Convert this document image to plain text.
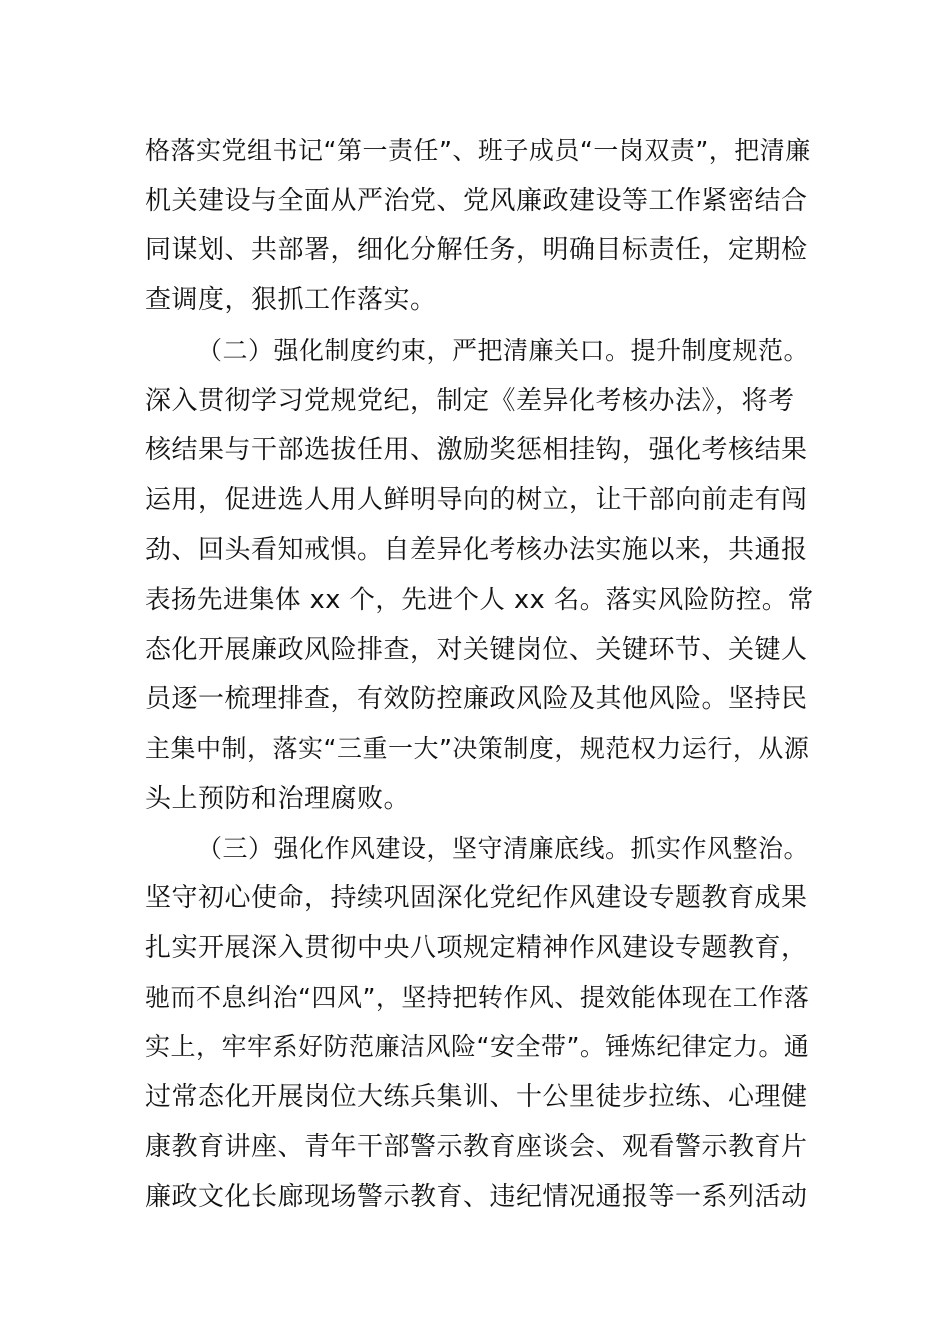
格落实党组书记“第一责任”、班子成员“一岗双责”，把清廉
机关建设与全面从严治党、党风廉政建设等工作紧密结合
同谋划、共部署，细化分解任务，明确目标责任，定期检
查调度，狠抓工作落实。
（二）强化制度约束，严把清廉关口。提升制度规范。
深入贯彻学习党规党纪，制定《差异化考核办法》，将考
核结果与干部选拔任用、激励奖惩相挂钩，强化考核结果
运用，促进选人用人鲜明导向的树立，让干部向前走有闯
劲、回头看知戒惧。自差异化考核办法实施以来，共通报
表扬先进集体 xx 个，先进个人 xx 名。落实风险防控。常
态化开展廉政风险排查，对关键岗位、关键环节、关键人
员逐一梳理排查，有效防控廉政风险及其他风险。坚持民
主集中制，落实“三重一大”决策制度，规范权力运行，从源
头上预防和治理腐败。
（三）强化作风建设，坚守清廉底线。抓实作风整治。
坚守初心使命，持续巩固深化党纪作风建设专题教育成果
扎实开展深入贯彻中央八项规定精神作风建设专题教育，
驰而不息纠治“四风”，坚持把转作风、提效能体现在工作落
实上，牢牢系好防范廉洁风险“安全带”。锤炼纪律定力。通
过常态化开展岗位大练兵集训、十公里徒步拉练、心理健
康教育讲座、青年干部警示教育座谈会、观看警示教育片
廉政文化长廊现场警示教育、违纪情况通报等一系列活动
